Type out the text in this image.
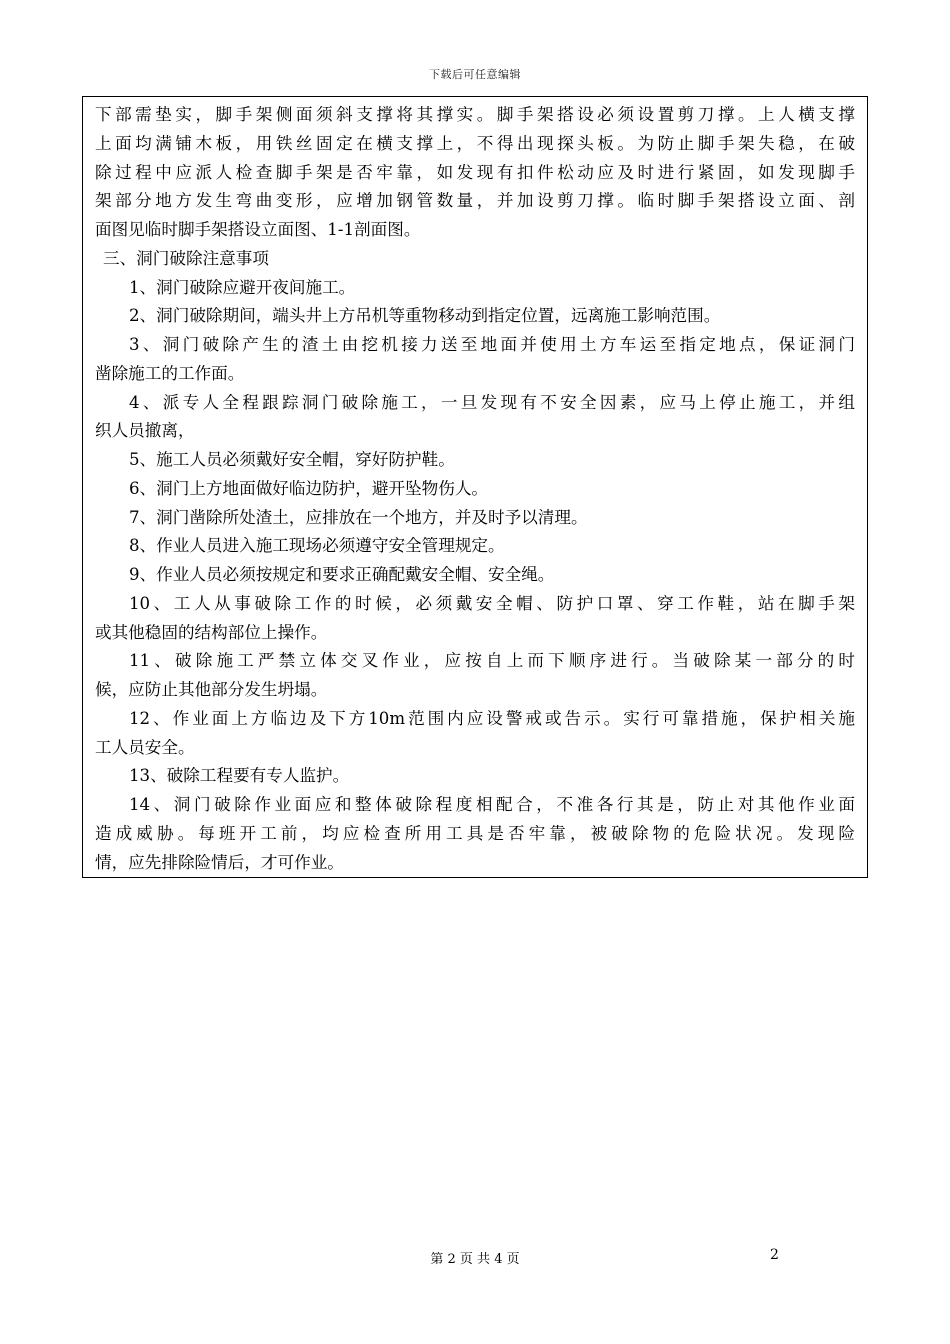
下载后可任意编辑
下部需垫实，脚手架侧面须斜支撑将其撑实。脚手架搭设必须设置剪刀撑。上人横支撑
上面均满铺木板，用铁丝固定在横支撑上，不得出现探头板。为防止脚手架失稳，在破
除过程中应派人检查脚手架是否牢靠，如发现有扣件松动应及时进行紧固，如发现脚手
架部分地方发生弯曲变形，应增加钢管数量，并加设剪刀撑。临时脚手架搭设立面、剖
面图见临时脚手架搭设立面图、1-1剖面图。
三、洞门破除注意事项
1、洞门破除应避开夜间施工。
2、洞门破除期间，端头井上方吊机等重物移动到指定位置，远离施工影响范围。
3、洞门破除产生的渣土由挖机接力送至地面并使用土方车运至指定地点，保证洞门
凿除施工的工作面。
4、派专人全程跟踪洞门破除施工，一旦发现有不安全因素，应马上停止施工，并组
织人员撤离，
5、施工人员必须戴好安全帽，穿好防护鞋。
6、洞门上方地面做好临边防护，避开坠物伤人。
7、洞门凿除所处渣土，应排放在一个地方，并及时予以清理。
8、作业人员进入施工现场必须遵守安全管理规定。
9、作业人员必须按规定和要求正确配戴安全帽、安全绳。
10、工人从事破除工作的时候，必须戴安全帽、防护口罩、穿工作鞋，站在脚手架
或其他稳固的结构部位上操作。
11、破除施工严禁立体交叉作业，应按自上而下顺序进行。当破除某一部分的时
候，应防止其他部分发生坍塌。
12、作业面上方临边及下方10m范围内应设警戒或告示。实行可靠措施，保护相关施
工人员安全。
13、破除工程要有专人监护。
14、洞门破除作业面应和整体破除程度相配合，不准各行其是，防止对其他作业面
造成威胁。每班开工前，均应检查所用工具是否牢靠，被破除物的危险状况。发现险
情，应先排除险情后，才可作业。
第 2 页 共 4 页	2
